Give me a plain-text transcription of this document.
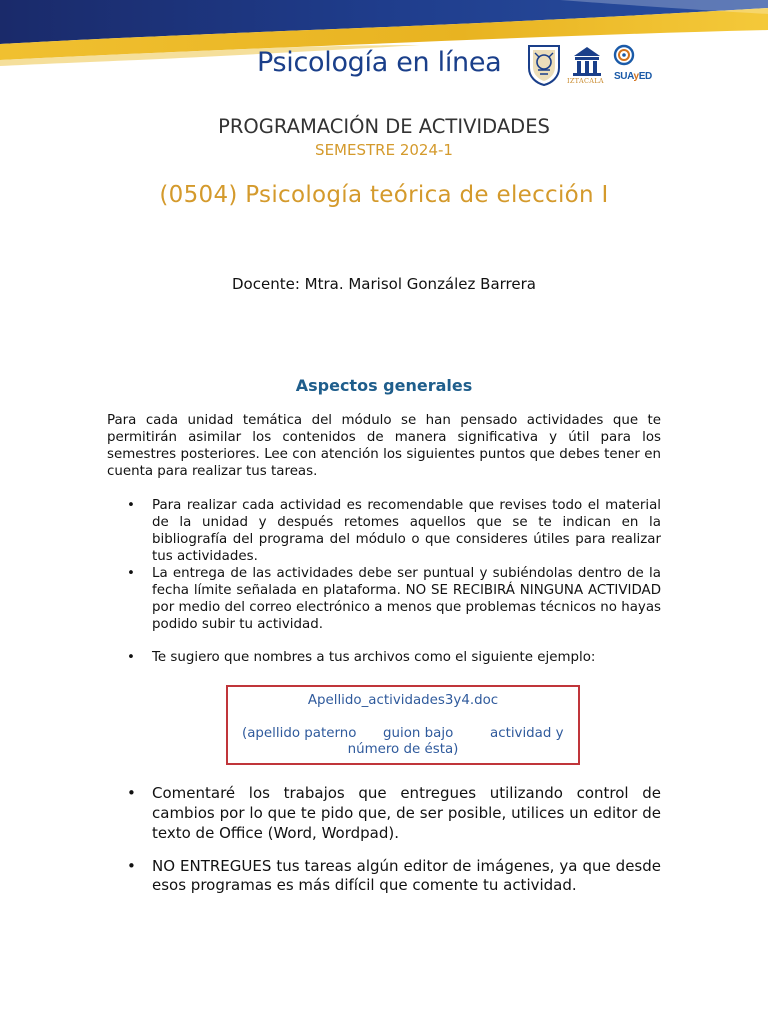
Psicología en línea
IZTACALA SUAyED
PROGRAMACIÓN DE ACTIVIDADES
SEMESTRE 2024-1
(0504) Psicología teórica de elección I
Docente: Mtra. Marisol González Barrera
Aspectos generales
Para cada unidad temática del módulo se han pensado actividades que te permitirán asimilar los contenidos de manera significativa y útil para los semestres posteriores. Lee con atención los siguientes puntos que debes tener en cuenta para realizar tus tareas.
•	Para realizar cada actividad es recomendable que revises todo el material de la unidad y después retomes aquellos que se te indican en la bibliografía del programa del módulo o que consideres útiles para realizar tus actividades.
•	La entrega de las actividades debe ser puntual y subiéndolas dentro de la fecha límite señalada en plataforma. NO SE RECIBIRÁ NINGUNA ACTIVIDAD por medio del correo electrónico a menos que problemas técnicos no hayas podido subir tu actividad.
•	Te sugiero que nombres a tus archivos como el siguiente ejemplo:
Apellido_actividades3y4.doc
(apellido paterno guion bajo	actividad y
número de ésta)
•	Comentaré los trabajos que entregues utilizando control de cambios por lo que te pido que, de ser posible, utilices un editor de texto de Office (Word, Wordpad).
•	NO ENTREGUES tus tareas algún editor de imágenes, ya que desde esos programas es más difícil que comente tu actividad.
